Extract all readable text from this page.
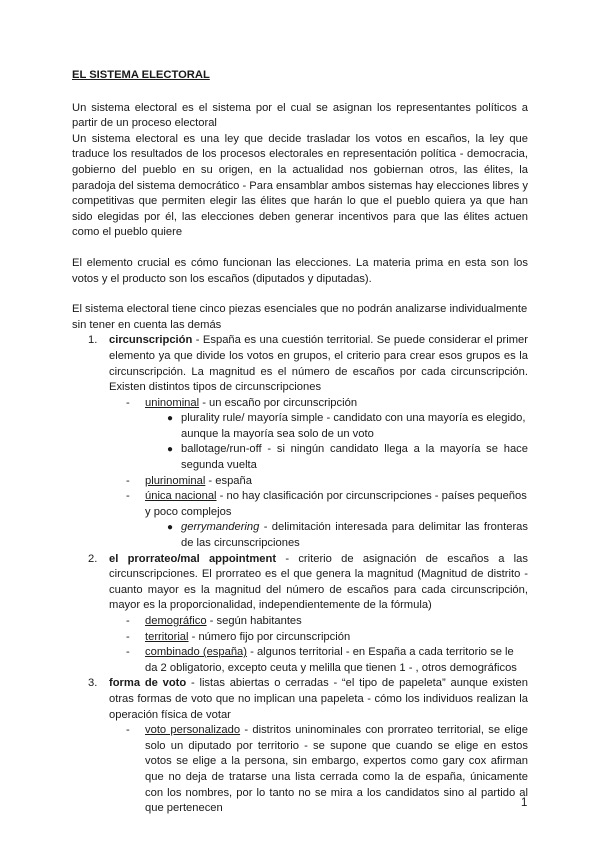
EL SISTEMA ELECTORAL

Un sistema electoral es el sistema por el cual se asignan los representantes políticos a partir de un proceso electoral

Un sistema electoral es una ley que decide trasladar los votos en escaños, la ley que traduce los resultados de los procesos electorales en representación política - democracia, gobierno del pueblo en su origen, en la actualidad nos gobiernan otros, las élites, la paradoja del sistema democrático - Para ensamblar ambos sistemas hay elecciones libres y competitivas que permiten elegir las élites que harán lo que el pueblo quiera ya que han sido elegidas por él, las elecciones deben generar incentivos para que las élites actuen como el pueblo quiere

El elemento crucial es cómo funcionan las elecciones. La materia prima en esta son los votos y el producto son los escaños (diputados y diputadas).

El sistema electoral tiene cinco piezas esenciales que no podrán analizarse individualmente sin tener en cuenta las demás

1. circunscripción - España es una cuestión territorial. Se puede considerar el primer elemento ya que divide los votos en grupos, el criterio para crear esos grupos es la circunscripción. La magnitud es el número de escaños por cada circunscripción. Existen distintos tipos de circunscripciones

- uninominal - un escaño por circunscripción
● plurality rule/ mayoría simple - candidato con una mayoría es elegido, aunque la mayoría sea solo de un voto
● ballotage/run-off - si ningún candidato llega a la mayoría se hace segunda vuelta
- plurinominal - españa
- única nacional - no hay clasificación por circunscripciones - países pequeños y poco complejos
● gerrymandering - delimitación interesada para delimitar las fronteras de las circunscripciones
2. el prorrateo/mal appointment - criterio de asignación de escaños a las circunscripciones. El prorrateo es el que genera la magnitud (Magnitud de distrito - cuanto mayor es la magnitud del número de escaños para cada circunscripción, mayor es la proporcionalidad, independientemente de la fórmula)

- demográfico - según habitantes
- territorial - número fijo por circunscripción
- combinado (españa) - algunos territorial - en España a cada territorio se le da 2 obligatorio, excepto ceuta y melilla que tienen 1 - , otros demográficos
3. forma de voto - listas abiertas o cerradas - “el tipo de papeleta” aunque existen otras formas de voto que no implican una papeleta - cómo los individuos realizan la operación física de votar

- voto personalizado - distritos uninominales con prorrateo territorial, se elige solo un diputado por territorio - se supone que cuando se elige en estos votos se elige a la persona, sin embargo, expertos como gary cox afirman que no deja de tratarse una lista cerrada como la de españa, únicamente con los nombres, por lo tanto no se mira a los candidatos sino al partido al que pertenecen	1
